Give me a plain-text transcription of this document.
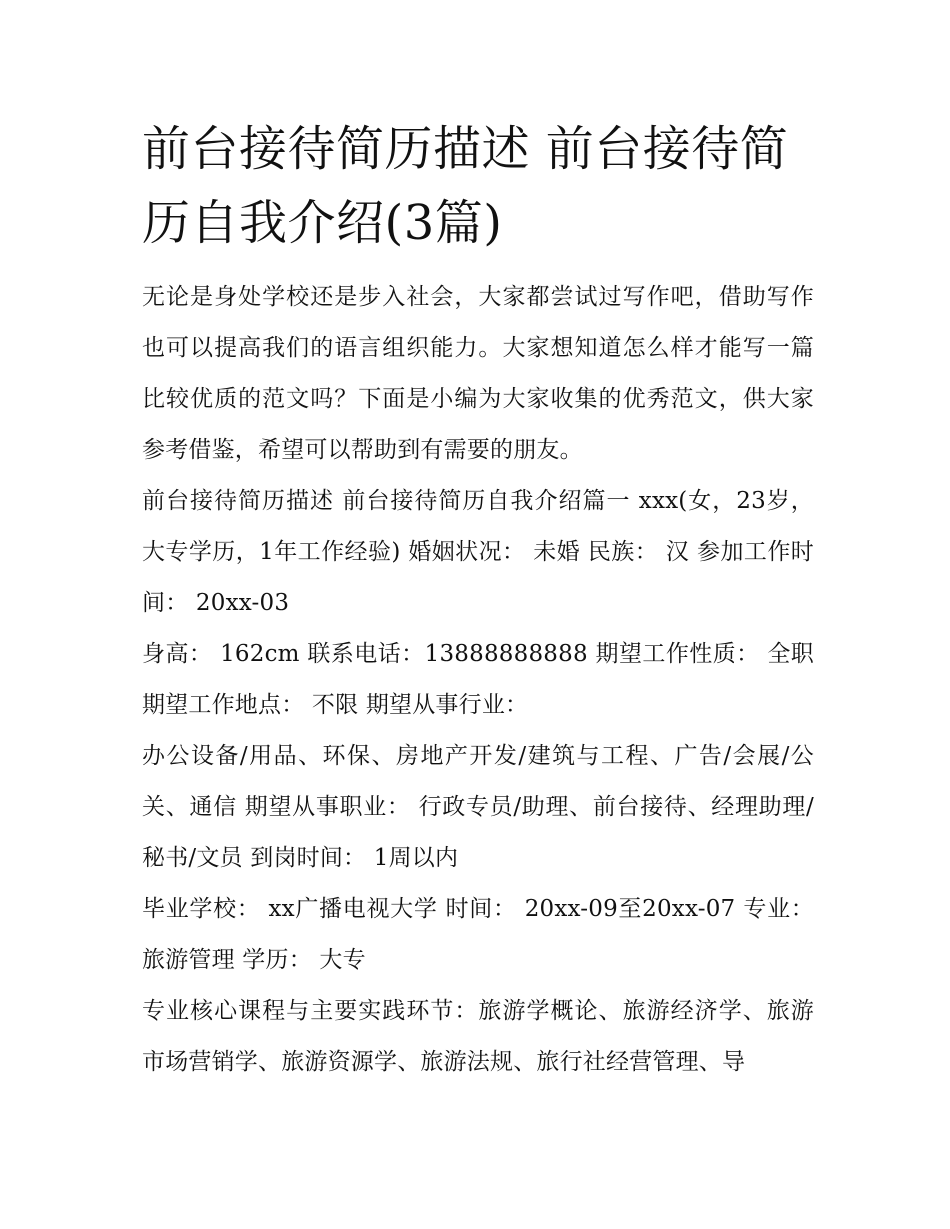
前台接待简历描述 前台接待简历自我介绍(3篇)

无论是身处学校还是步入社会，大家都尝试过写作吧，借助写作也可以提高我们的语言组织能力。大家想知道怎么样才能写一篇比较优质的范文吗？下面是小编为大家收集的优秀范文，供大家参考借鉴，希望可以帮助到有需要的朋友。

前台接待简历描述 前台接待简历自我介绍篇一 xxx(女，23岁，大专学历，1年工作经验) 婚姻状况： 未婚 民族： 汉 参加工作时间： 20xx-03

身高： 162cm 联系电话：13888888888 期望工作性质： 全职 期望工作地点： 不限 期望从事行业：

办公设备/用品、环保、房地产开发/建筑与工程、广告/会展/公关、通信 期望从事职业： 行政专员/助理、前台接待、经理助理/秘书/文员 到岗时间： 1周以内

毕业学校： xx广播电视大学 时间： 20xx-09至20xx-07 专业： 旅游管理 学历： 大专

专业核心课程与主要实践环节：旅游学概论、旅游经济学、旅游市场营销学、旅游资源学、旅游法规、旅行社经营管理、导
